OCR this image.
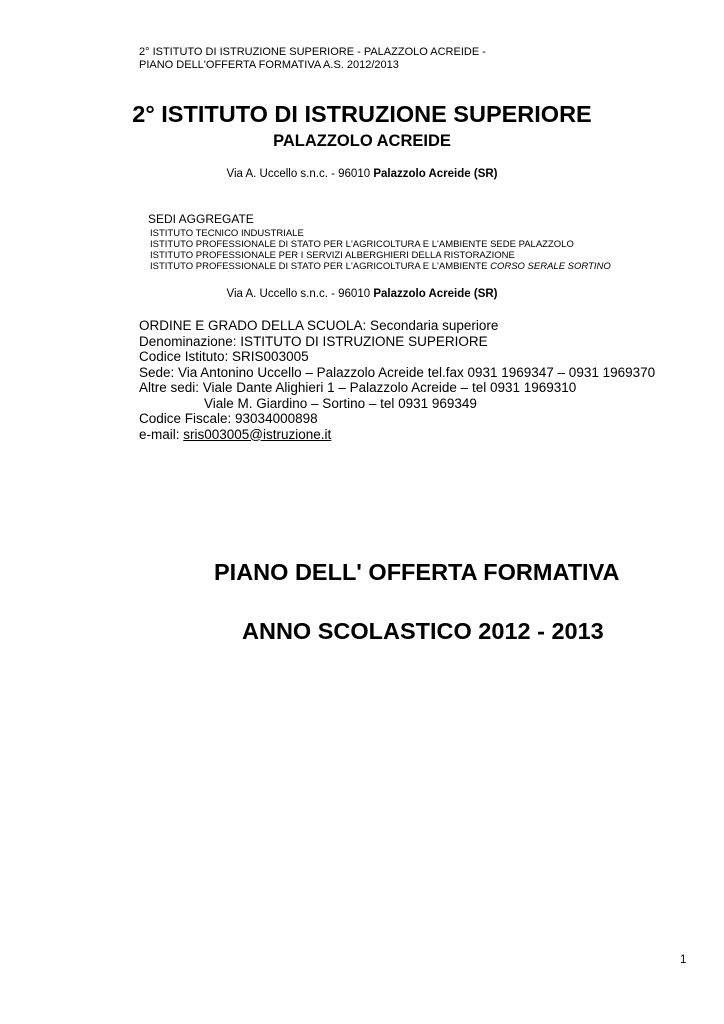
2° ISTITUTO DI ISTRUZIONE SUPERIORE - PALAZZOLO ACREIDE -
PIANO DELL'OFFERTA FORMATIVA A.S. 2012/2013
2° ISTITUTO DI ISTRUZIONE SUPERIORE
PALAZZOLO ACREIDE
Via A. Uccello s.n.c. - 96010 Palazzolo Acreide (SR)
SEDI AGGREGATE
ISTITUTO TECNICO INDUSTRIALE
ISTITUTO PROFESSIONALE DI STATO PER L'AGRICOLTURA E L'AMBIENTE SEDE PALAZZOLO
ISTITUTO PROFESSIONALE PER I SERVIZI ALBERGHIERI DELLA RISTORAZIONE
ISTITUTO PROFESSIONALE DI STATO PER L'AGRICOLTURA E L'AMBIENTE CORSO SERALE SORTINO
Via A. Uccello s.n.c. - 96010 Palazzolo Acreide (SR)
ORDINE E GRADO DELLA SCUOLA: Secondaria superiore
Denominazione: ISTITUTO DI ISTRUZIONE SUPERIORE
Codice Istituto: SRIS003005
Sede: Via Antonino Uccello – Palazzolo Acreide tel.fax 0931 1969347 – 0931 1969370
Altre sedi: Viale Dante Alighieri 1 – Palazzolo Acreide – tel 0931 1969310
Viale M. Giardino – Sortino – tel 0931 969349
Codice Fiscale: 93034000898
e-mail: sris003005@istruzione.it
PIANO DELL' OFFERTA FORMATIVA
ANNO SCOLASTICO 2012 - 2013
1
